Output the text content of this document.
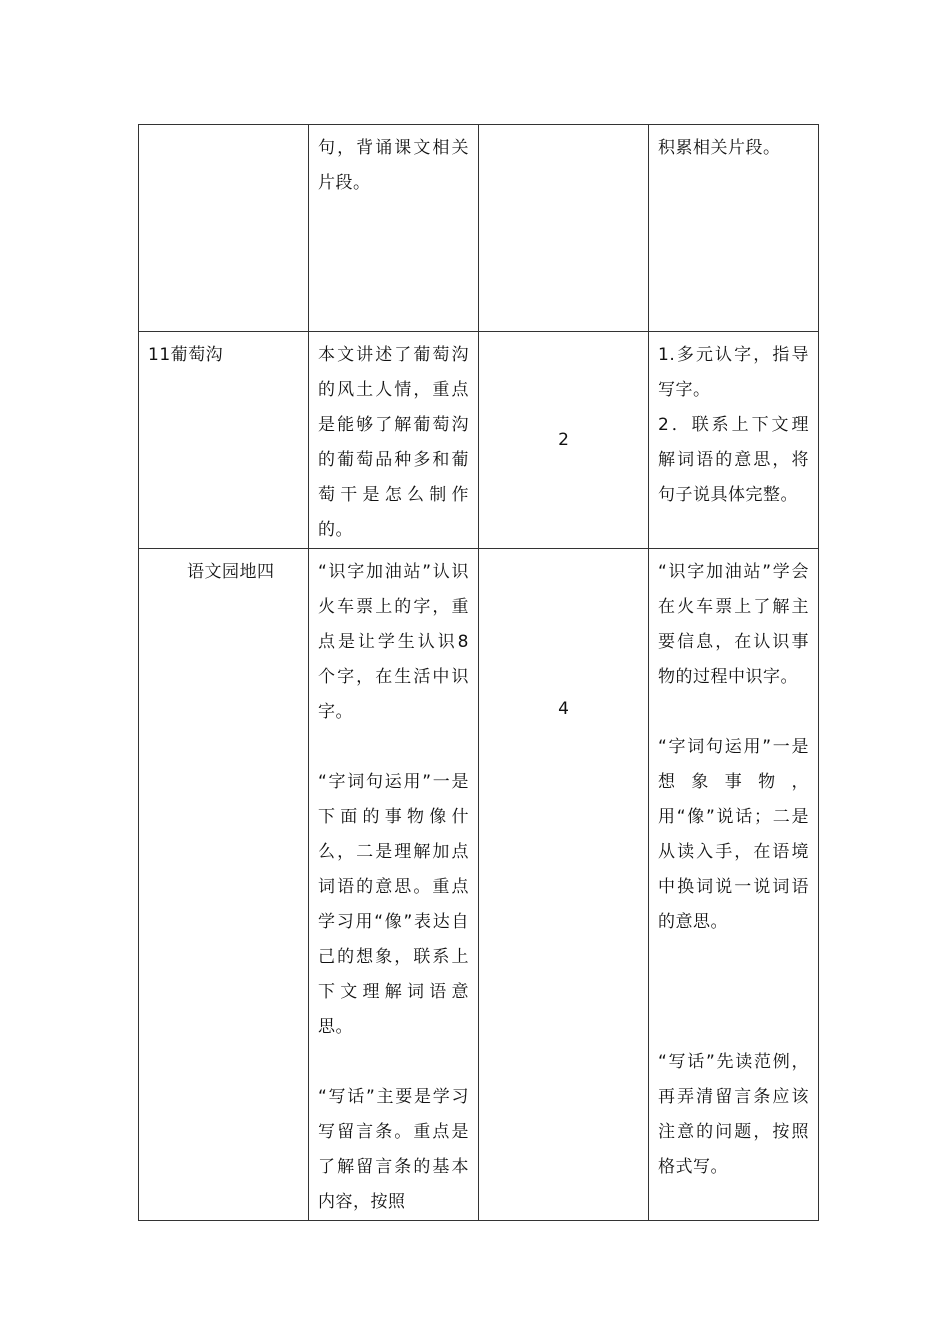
	句，背诵课文相关片段。		积累相关片段。

11葡萄沟	本文讲述了葡萄沟的风土人情，重点是能够了解葡萄沟的葡萄品种多和葡萄干是怎么制作的。	2	1.多元认字，指导写字。
2．联系上下文理解词语的意思，将句子说具体完整。

语文园地四	“识字加油站”认识火车票上的字，重点是让学生认识8个字，在生活中识字。
“字词句运用”一是下面的事物像什么，二是理解加点词语的意思。重点学习用“像”表达自己的想象，联系上下文理解词语意思。
“写话”主要是学习写留言条。重点是了解留言条的基本内容，按照	4	“识字加油站”学会在火车票上了解主要信息，在认识事物的过程中识字。
“字词句运用”一是想象事物，用“像”说话；二是从读入手，在语境中换词说一说词语的意思。
“写话”先读范例，再弄清留言条应该注意的问题，按照格式写。
